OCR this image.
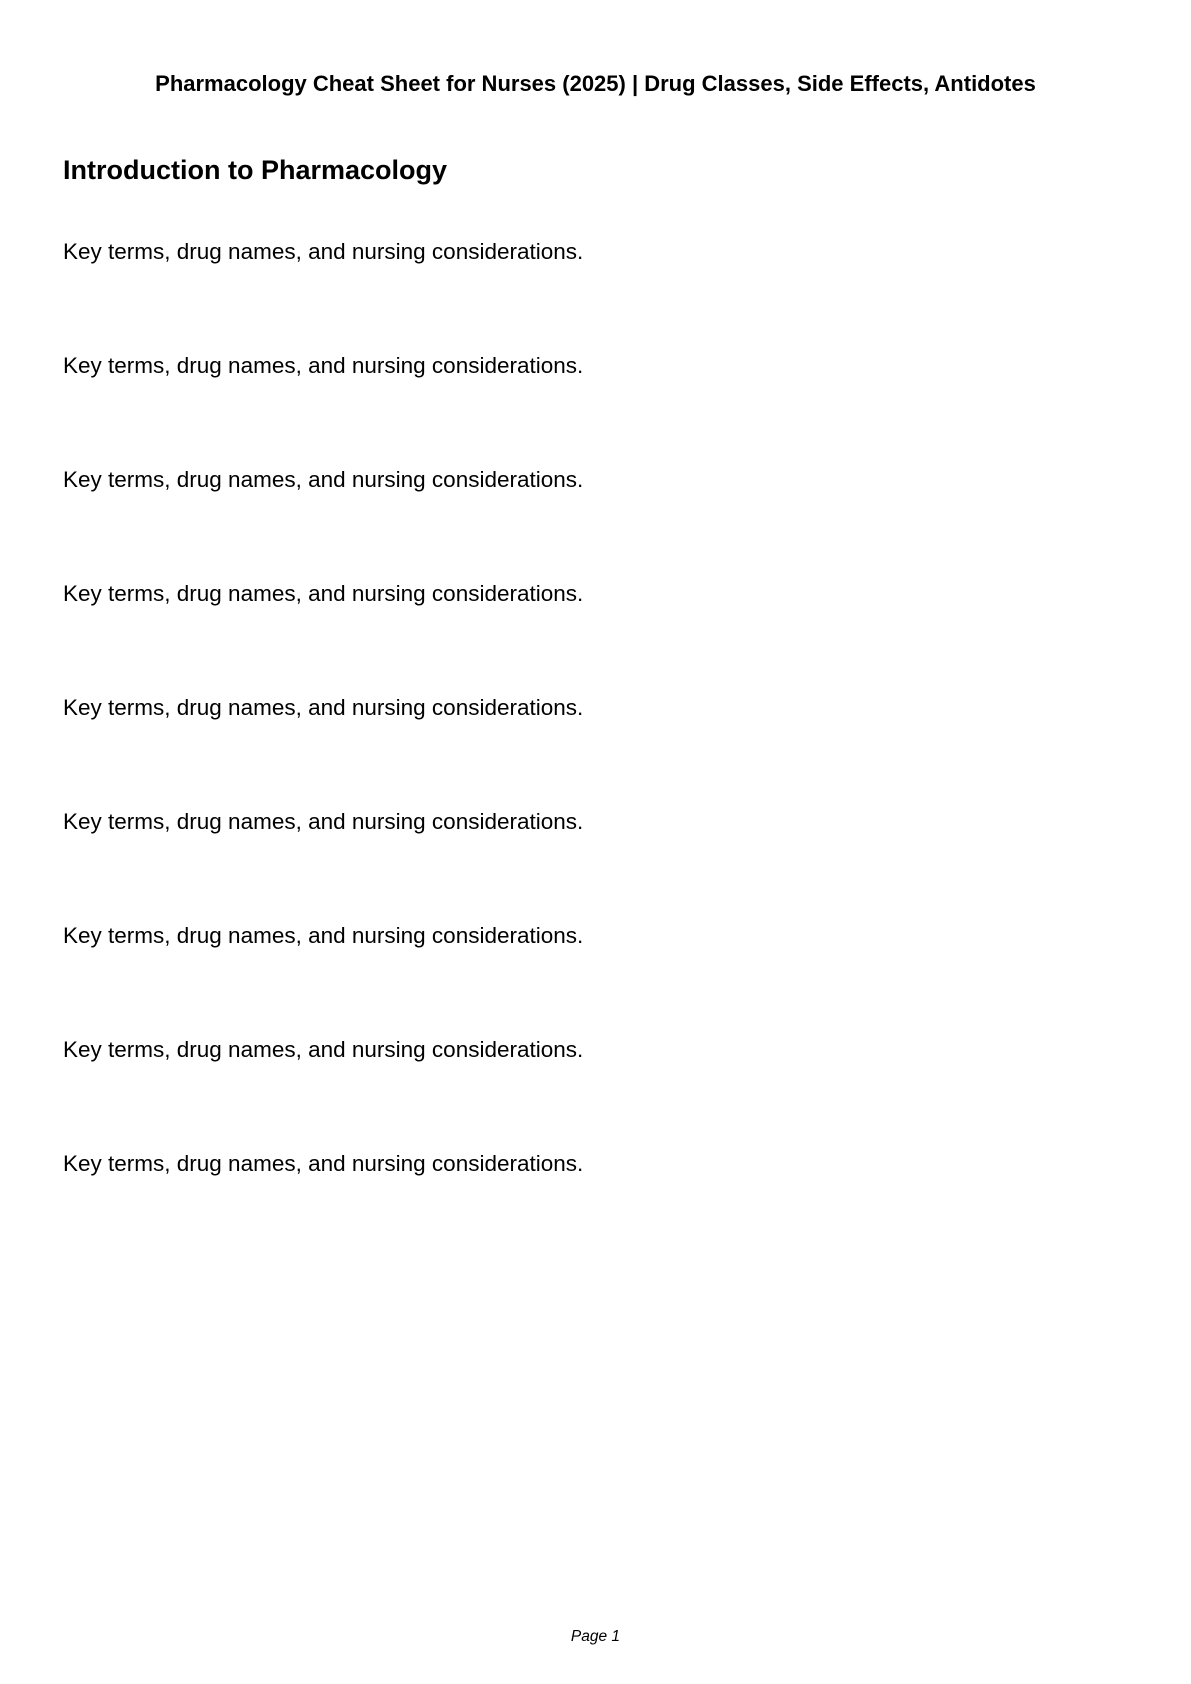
Pharmacology Cheat Sheet for Nurses (2025) | Drug Classes, Side Effects, Antidotes
Introduction to Pharmacology

Key terms, drug names, and nursing considerations.

Key terms, drug names, and nursing considerations.

Key terms, drug names, and nursing considerations.

Key terms, drug names, and nursing considerations.

Key terms, drug names, and nursing considerations.

Key terms, drug names, and nursing considerations.

Key terms, drug names, and nursing considerations.

Key terms, drug names, and nursing considerations.

Key terms, drug names, and nursing considerations.

Page 1
